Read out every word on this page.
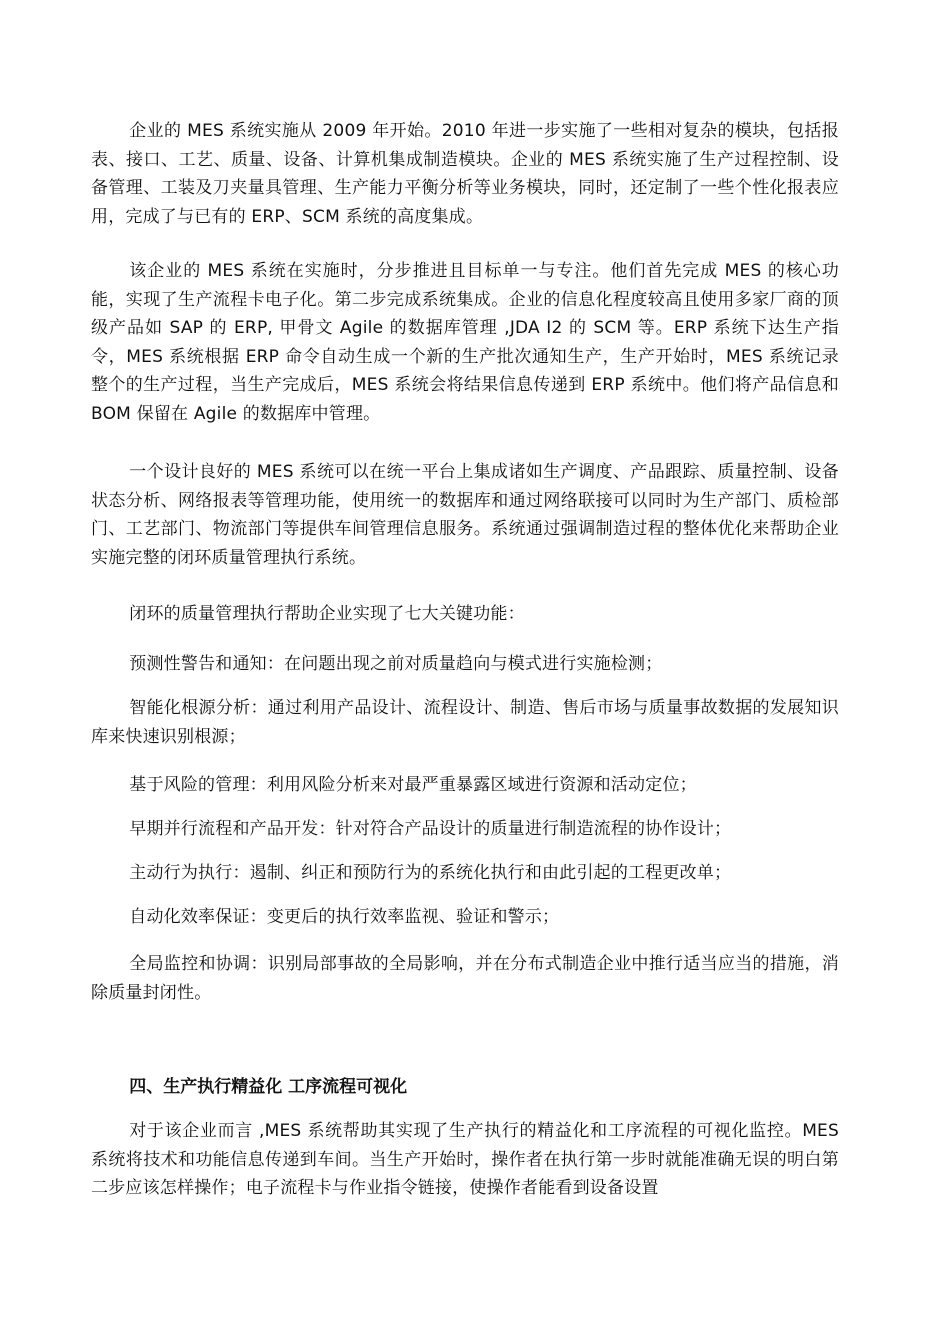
企业的 MES 系统实施从 2009 年开始。2010 年进一步实施了一些相对复杂的模块，包括报表、接口、工艺、质量、设备、计算机集成制造模块。企业的 MES 系统实施了生产过程控制、设备管理、工装及刀夹量具管理、生产能力平衡分析等业务模块，同时，还定制了一些个性化报表应用，完成了与已有的 ERP、SCM 系统的高度集成。

该企业的 MES 系统在实施时，分步推进且目标单一与专注。他们首先完成 MES 的核心功能，实现了生产流程卡电子化。第二步完成系统集成。企业的信息化程度较高且使用多家厂商的顶级产品如 SAP 的 ERP, 甲骨文 Agile 的数据库管理 ,JDA I2 的 SCM 等。ERP 系统下达生产指令，MES 系统根据 ERP 命令自动生成一个新的生产批次通知生产，生产开始时，MES 系统记录整个的生产过程，当生产完成后，MES 系统会将结果信息传递到 ERP 系统中。他们将产品信息和 BOM 保留在 Agile 的数据库中管理。

一个设计良好的 MES 系统可以在统一平台上集成诸如生产调度、产品跟踪、质量控制、设备状态分析、网络报表等管理功能，使用统一的数据库和通过网络联接可以同时为生产部门、质检部门、工艺部门、物流部门等提供车间管理信息服务。系统通过强调制造过程的整体优化来帮助企业实施完整的闭环质量管理执行系统。

闭环的质量管理执行帮助企业实现了七大关键功能：

预测性警告和通知：在问题出现之前对质量趋向与模式进行实施检测；

智能化根源分析：通过利用产品设计、流程设计、制造、售后市场与质量事故数据的发展知识库来快速识别根源；

基于风险的管理：利用风险分析来对最严重暴露区域进行资源和活动定位；

早期并行流程和产品开发：针对符合产品设计的质量进行制造流程的协作设计；

主动行为执行：遏制、纠正和预防行为的系统化执行和由此引起的工程更改单；

自动化效率保证：变更后的执行效率监视、验证和警示；

全局监控和协调：识别局部事故的全局影响，并在分布式制造企业中推行适当应当的措施，消除质量封闭性。

四、生产执行精益化 工序流程可视化

对于该企业而言 ,MES 系统帮助其实现了生产执行的精益化和工序流程的可视化监控。MES 系统将技术和功能信息传递到车间。当生产开始时，操作者在执行第一步时就能准确无误的明白第二步应该怎样操作；电子流程卡与作业指令链接，使操作者能看到设备设置
